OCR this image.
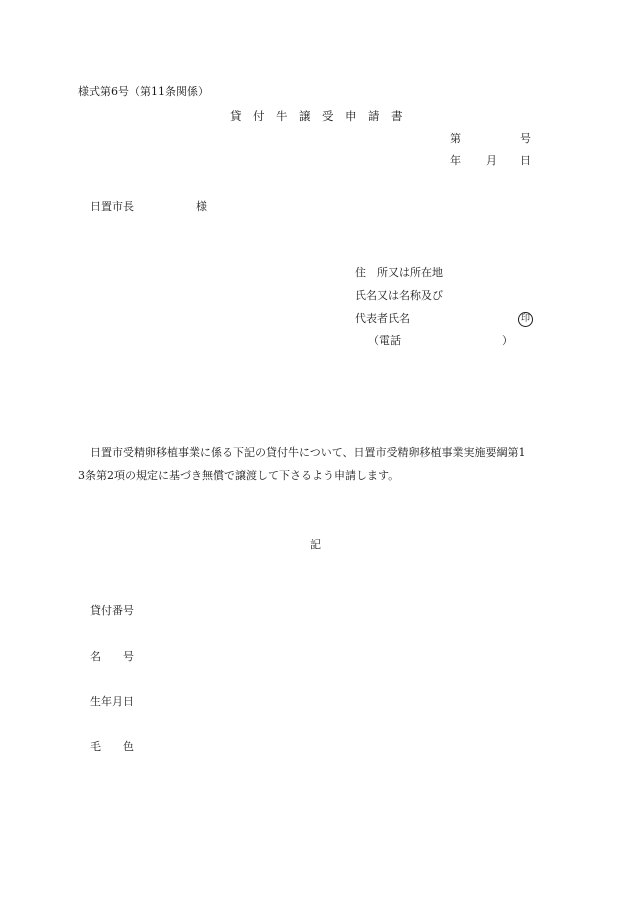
様式第6号（第11条関係）
貸　付　牛　譲　受　申　請　書
第	号
年 月 日
日置市長	様
住　所又は所在地
氏名又は名称及び
代表者氏名	印
（電話	）
日置市受精卵移植事業に係る下記の貸付牛について、日置市受精卵移植事業実施要綱第1
3条第2項の規定に基づき無償で譲渡して下さるよう申請します。
記
貸付番号
名　　号
生年月日
毛　　色
